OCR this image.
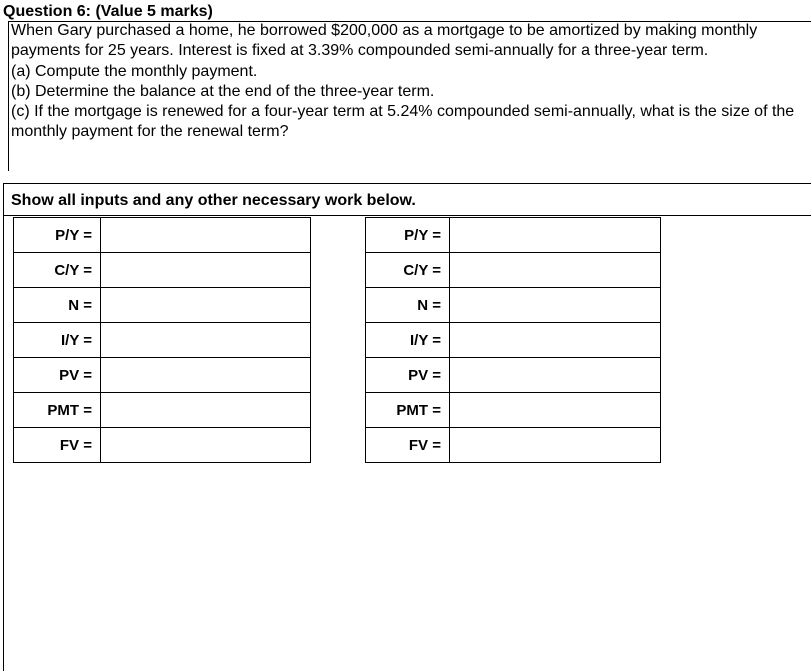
Question 6: (Value 5 marks)

When Gary purchased a home, he borrowed $200,000 as a mortgage to be amortized by making monthly payments for 25 years. Interest is fixed at 3.39% compounded semi-annually for a three-year term.

(a) Compute the monthly payment.

(b) Determine the balance at the end of the three-year term.

(c) If the mortgage is renewed for a four-year term at 5.24% compounded semi-annually, what is the size of the monthly payment for the renewal term?

Show all inputs and any other necessary work below.
P/Y =	
C/Y =	
N =	
I/Y =	
PV =	
PMT =	
FV =	
P/Y =	
C/Y =	
N =	
I/Y =	
PV =	
PMT =	
FV =	
